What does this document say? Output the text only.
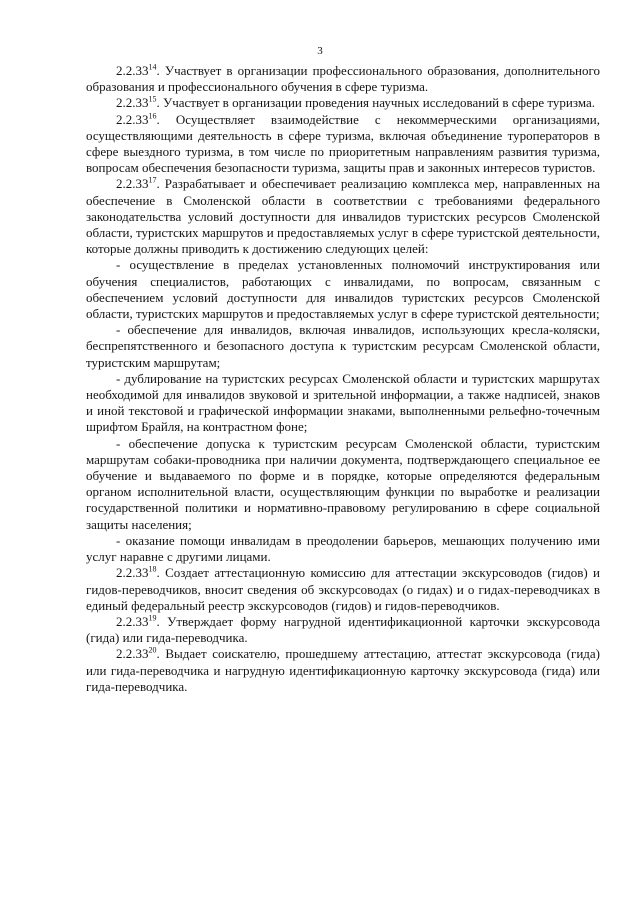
3

2.2.33$^{14}$. Участвует в организации профессионального образования, дополнительного образования и профессионального обучения в сфере туризма.

2.2.33$^{15}$. Участвует в организации проведения научных исследований в сфере туризма.

2.2.33$^{16}$. Осуществляет взаимодействие с некоммерческими организациями, осуществляющими деятельность в сфере туризма, включая объединение туроператоров в сфере выездного туризма, в том числе по приоритетным направлениям развития туризма, вопросам обеспечения безопасности туризма, защиты прав и законных интересов туристов.

2.2.33$^{17}$. Разрабатывает и обеспечивает реализацию комплекса мер, направленных на обеспечение в Смоленской области в соответствии с требованиями федерального законодательства условий доступности для инвалидов туристских ресурсов Смоленской области, туристских маршрутов и предоставляемых услуг в сфере туристской деятельности, которые должны приводить к достижению следующих целей:

- осуществление в пределах установленных полномочий инструктирования или обучения специалистов, работающих с инвалидами, по вопросам, связанным с обеспечением условий доступности для инвалидов туристских ресурсов Смоленской области, туристских маршрутов и предоставляемых услуг в сфере туристской деятельности;

- обеспечение для инвалидов, включая инвалидов, использующих кресла-коляски, беспрепятственного и безопасного доступа к туристским ресурсам Смоленской области, туристским маршрутам;

- дублирование на туристских ресурсах Смоленской области и туристских маршрутах необходимой для инвалидов звуковой и зрительной информации, а также надписей, знаков и иной текстовой и графической информации знаками, выполненными рельефно-точечным шрифтом Брайля, на контрастном фоне;

- обеспечение допуска к туристским ресурсам Смоленской области, туристским маршрутам собаки-проводника при наличии документа, подтверждающего специальное ее обучение и выдаваемого по форме и в порядке, которые определяются федеральным органом исполнительной власти, осуществляющим функции по выработке и реализации государственной политики и нормативно-правовому регулированию в сфере социальной защиты населения;

- оказание помощи инвалидам в преодолении барьеров, мешающих получению ими услуг наравне с другими лицами.

2.2.33$^{18}$. Создает аттестационную комиссию для аттестации экскурсоводов (гидов) и гидов-переводчиков, вносит сведения об экскурсоводах (о гидах) и о гидах-переводчиках в единый федеральный реестр экскурсоводов (гидов) и гидов-переводчиков.

2.2.33$^{19}$. Утверждает форму нагрудной идентификационной карточки экскурсовода (гида) или гида-переводчика.

2.2.33$^{20}$. Выдает соискателю, прошедшему аттестацию, аттестат экскурсовода (гида) или гида-переводчика и нагрудную идентификационную карточку экскурсовода (гида) или гида-переводчика.
